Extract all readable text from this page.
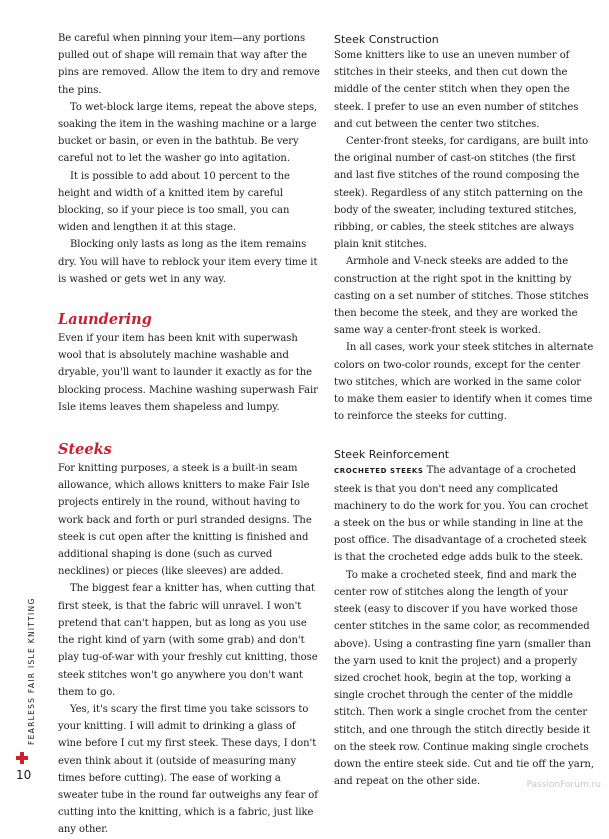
Be careful when pinning your item—any portions pulled out of shape will remain that way after the pins are removed. Allow the item to dry and remove the pins.

To wet-block large items, repeat the above steps, soaking the item in the washing machine or a large bucket or basin, or even in the bathtub. Be very careful not to let the washer go into agitation.

It is possible to add about 10 percent to the height and width of a knitted item by careful blocking, so if your piece is too small, you can widen and lengthen it at this stage.

Blocking only lasts as long as the item remains dry. You will have to reblock your item every time it is washed or gets wet in any way.

Laundering

Even if your item has been knit with superwash wool that is absolutely machine washable and dryable, you'll want to launder it exactly as for the blocking process. Machine washing superwash Fair Isle items leaves them shapeless and lumpy.

Steeks

For knitting purposes, a steek is a built-in seam allowance, which allows knitters to make Fair Isle projects entirely in the round, without having to work back and forth or purl stranded designs. The steek is cut open after the knitting is finished and additional shaping is done (such as curved necklines) or pieces (like sleeves) are added.

The biggest fear a knitter has, when cutting that first steek, is that the fabric will unravel. I won't pretend that can't happen, but as long as you use the right kind of yarn (with some grab) and don't play tug-of-war with your freshly cut knitting, those steek stitches won't go anywhere you don't want them to go.

Yes, it's scary the first time you take scissors to your knitting. I will admit to drinking a glass of wine before I cut my first steek. These days, I don't even think about it (outside of measuring many times before cutting). The ease of working a sweater tube in the round far outweighs any fear of cutting into the knitting, which is a fabric, just like any other.

Steek Construction

Some knitters like to use an uneven number of stitches in their steeks, and then cut down the middle of the center stitch when they open the steek. I prefer to use an even number of stitches and cut between the center two stitches.

Center-front steeks, for cardigans, are built into the original number of cast-on stitches (the first and last five stitches of the round composing the steek). Regardless of any stitch patterning on the body of the sweater, including textured stitches, ribbing, or cables, the steek stitches are always plain knit stitches.

Armhole and V-neck steeks are added to the construction at the right spot in the knitting by casting on a set number of stitches. Those stitches then become the steek, and they are worked the same way a center-front steek is worked.

In all cases, work your steek stitches in alternate colors on two-color rounds, except for the center two stitches, which are worked in the same color to make them easier to identify when it comes time to reinforce the steeks for cutting.

Steek Reinforcement

CROCHETED STEEKS The advantage of a crocheted steek is that you don't need any complicated machinery to do the work for you. You can crochet a steek on the bus or while standing in line at the post office. The disadvantage of a crocheted steek is that the crocheted edge adds bulk to the steek.

To make a crocheted steek, find and mark the center row of stitches along the length of your steek (easy to discover if you have worked those center stitches in the same color, as recommended above). Using a contrasting fine yarn (smaller than the yarn used to knit the project) and a properly sized crochet hook, begin at the top, working a single crochet through the center of the middle stitch. Then work a single crochet from the center stitch, and one through the stitch directly beside it on the steek row. Continue making single crochets down the entire steek side. Cut and tie off the yarn, and repeat on the other side.

FEARLESS FAIR ISLE KNITTING
10
PassionForum.ru
